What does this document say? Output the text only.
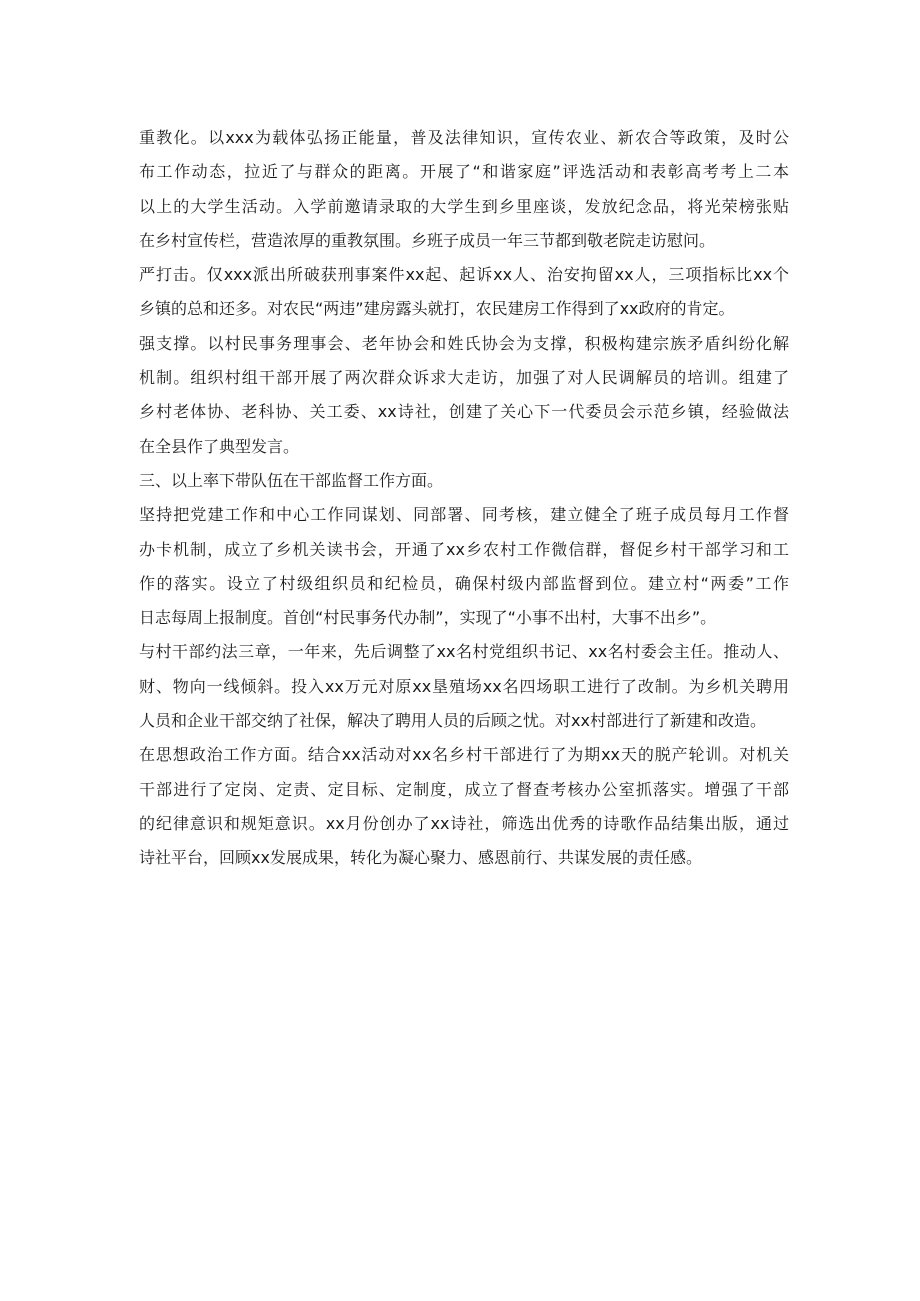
重教化。以xxx为载体弘扬正能量，普及法律知识，宣传农业、新农合等政策，及时公
布工作动态，拉近了与群众的距离。开展了“和谐家庭”评选活动和表彰高考考上二本
以上的大学生活动。入学前邀请录取的大学生到乡里座谈，发放纪念品，将光荣榜张贴
在乡村宣传栏，营造浓厚的重教氛围。乡班子成员一年三节都到敬老院走访慰问。
严打击。仅xxx派出所破获刑事案件xx起、起诉xx人、治安拘留xx人，三项指标比xx个
乡镇的总和还多。对农民“两违”建房露头就打，农民建房工作得到了xx政府的肯定。
强支撑。以村民事务理事会、老年协会和姓氏协会为支撑，积极构建宗族矛盾纠纷化解
机制。组织村组干部开展了两次群众诉求大走访，加强了对人民调解员的培训。组建了
乡村老体协、老科协、关工委、xx诗社，创建了关心下一代委员会示范乡镇，经验做法
在全县作了典型发言。
三、以上率下带队伍在干部监督工作方面。
坚持把党建工作和中心工作同谋划、同部署、同考核，建立健全了班子成员每月工作督
办卡机制，成立了乡机关读书会，开通了xx乡农村工作微信群，督促乡村干部学习和工
作的落实。设立了村级组织员和纪检员，确保村级内部监督到位。建立村“两委”工作
日志每周上报制度。首创“村民事务代办制”，实现了“小事不出村，大事不出乡”。
与村干部约法三章，一年来，先后调整了xx名村党组织书记、xx名村委会主任。推动人、
财、物向一线倾斜。投入xx万元对原xx垦殖场xx名四场职工进行了改制。为乡机关聘用
人员和企业干部交纳了社保，解决了聘用人员的后顾之忧。对xx村部进行了新建和改造。
在思想政治工作方面。结合xx活动对xx名乡村干部进行了为期xx天的脱产轮训。对机关
干部进行了定岗、定责、定目标、定制度，成立了督查考核办公室抓落实。增强了干部
的纪律意识和规矩意识。xx月份创办了xx诗社，筛选出优秀的诗歌作品结集出版，通过
诗社平台，回顾xx发展成果，转化为凝心聚力、感恩前行、共谋发展的责任感。
